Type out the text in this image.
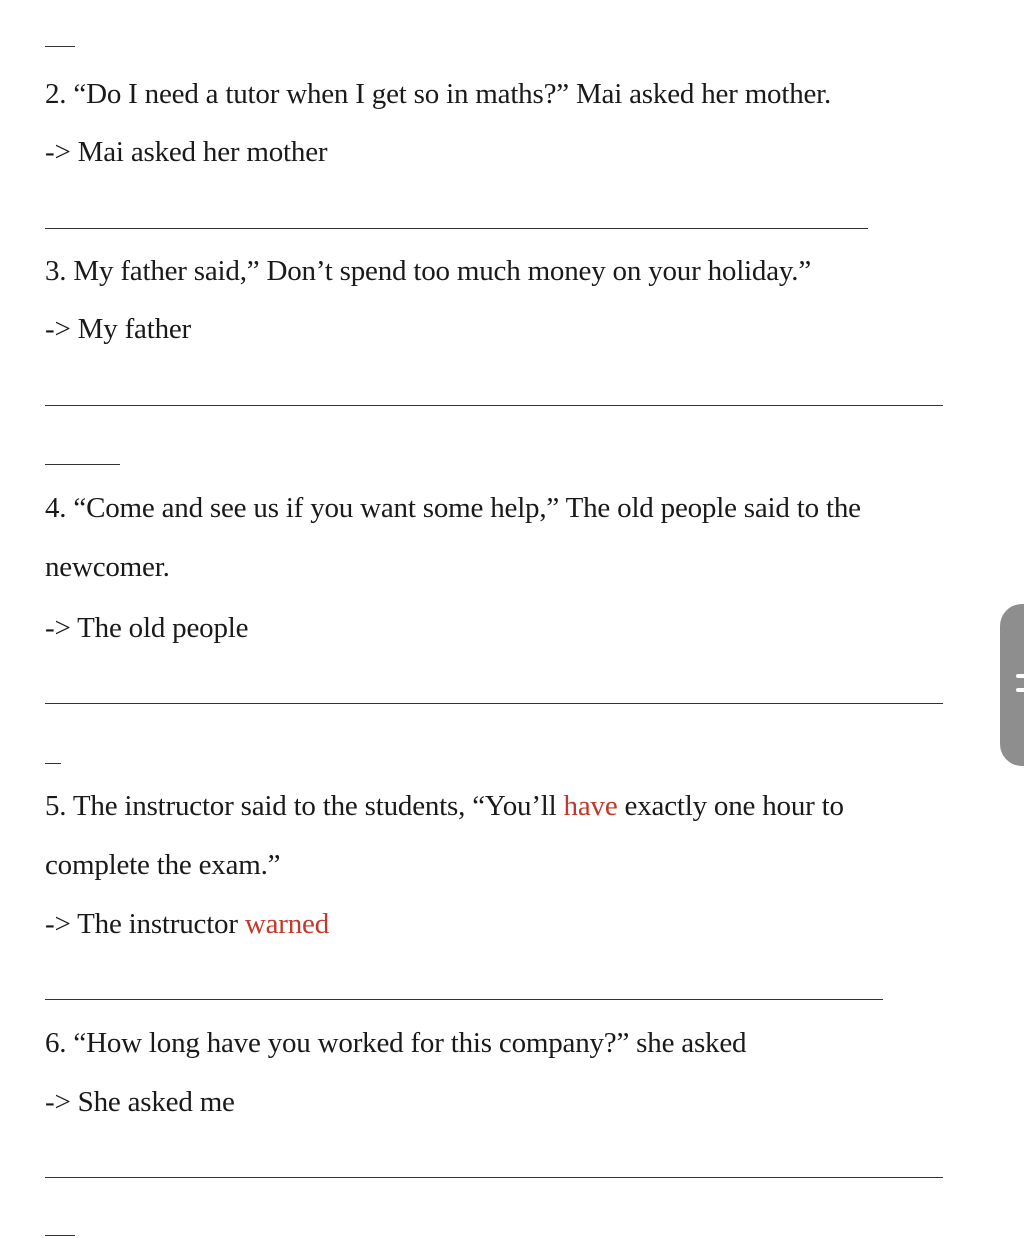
2. “Do I need a tutor when I get so in maths?” Mai asked her mother.
-> Mai asked her mother
3. My father said,” Don’t spend too much money on your holiday.”
-> My father
4. “Come and see us if you want some help,” The old people said to the
newcomer.
-> The old people
5. The instructor said to the students, “You’ll have exactly one hour to
complete the exam.”
-> The instructor warned
6. “How long have you worked for this company?” she asked
-> She asked me
